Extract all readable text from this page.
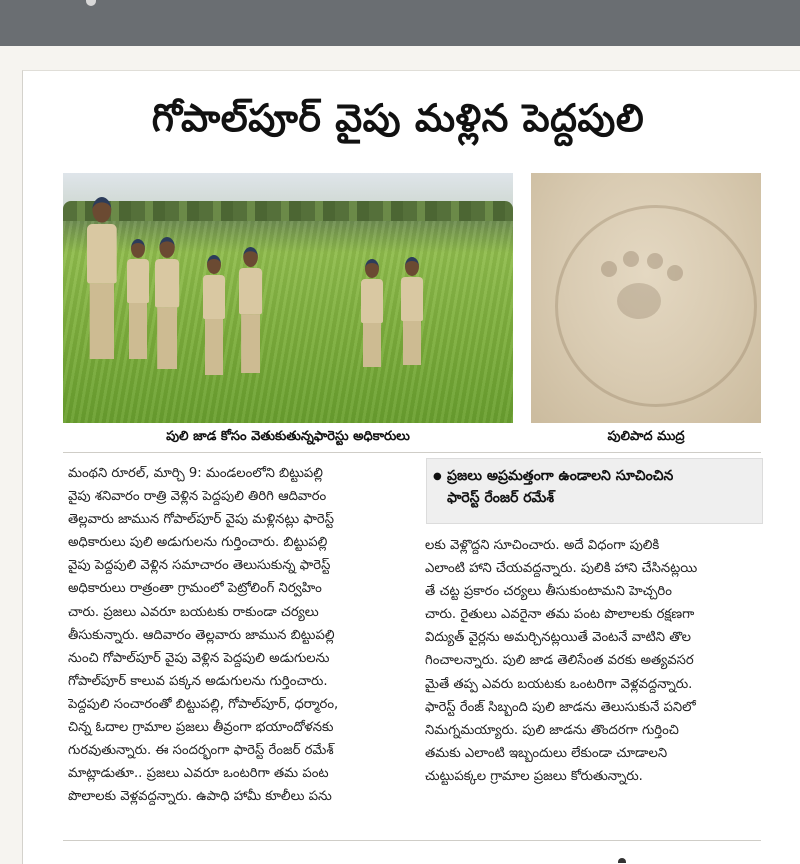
గోపాల్‌పూర్ వైపు మళ్లిన పెద్దపులి
పులి జాడ కోసం వెతుకుతున్నఫారెస్టు అధికారులు	పులిపాద ముద్ర
మంథని రూరల్, మార్చి 9: మండలంలోని బిట్టుపల్లి
వైపు శనివారం రాత్రి వెళ్లిన పెద్దపులి తిరిగి ఆదివారం
తెల్లవారు జామున గోపాల్‌పూర్ వైపు మళ్లినట్లు ఫారెస్ట్
అధికారులు పులి అడుగులను గుర్తించారు. బిట్టుపల్లి
వైపు పెద్దపులి వెళ్లిన సమాచారం తెలుసుకున్న ఫారెస్ట్
అధికారులు రాత్రంతా గ్రామంలో పెట్రోలింగ్ నిర్వహిం
చారు. ప్రజలు ఎవరూ బయటకు రాకుండా చర్యలు
తీసుకున్నారు. ఆదివారం తెల్లవారు జామున బిట్టుపల్లి
నుంచి గోపాల్‌పూర్ వైపు వెళ్లిన పెద్దపులి అడుగులను
గోపాల్‌పూర్ కాలువ పక్కన అడుగులను గుర్తించారు.
పెద్దపులి సంచారంతో బిట్టుపల్లి, గోపాల్‌పూర్, ధర్మారం,
చిన్న ఓదాల గ్రామాల ప్రజలు తీవ్రంగా భయాందోళనకు
గురవుతున్నారు. ఈ సందర్భంగా ఫారెస్ట్ రేంజర్ రమేశ్
మాట్లాడుతూ.. ప్రజలు ఎవరూ ఒంటరిగా తమ పంట
పొలాలకు వెళ్లవద్దన్నారు. ఉపాధి హామీ కూలీలు పను
● ప్రజలు అప్రమత్తంగా ఉండాలని సూచించిన
ఫారెస్ట్ రేంజర్ రమేశ్
లకు వెళ్లొద్దని సూచించారు. అదే విధంగా పులికి
ఎలాంటి హాని చేయవద్దన్నారు. పులికి హాని చేసినట్లయి
తే చట్ట ప్రకారం చర్యలు తీసుకుంటామని హెచ్చరిం
చారు. రైతులు ఎవరైనా తమ పంట పొలాలకు రక్షణగా
విద్యుత్ వైర్లను అమర్చినట్లయితే వెంటనే వాటిని తొల
గించాలన్నారు. పులి జాడ తెలిసేంత వరకు అత్యవసర
మైతే తప్ప ఎవరు బయటకు ఒంటరిగా వెళ్లవద్దన్నారు.
ఫారెస్ట్ రేంజ్ సిబ్బంది పులి జాడను తెలుసుకునే పనిలో
నిమగ్నమయ్యారు. పులి జాడను తొందరగా గుర్తించి
తమకు ఎలాంటి ఇబ్బందులు లేకుండా చూడాలని
చుట్టుపక్కల గ్రామాల ప్రజలు కోరుతున్నారు.
